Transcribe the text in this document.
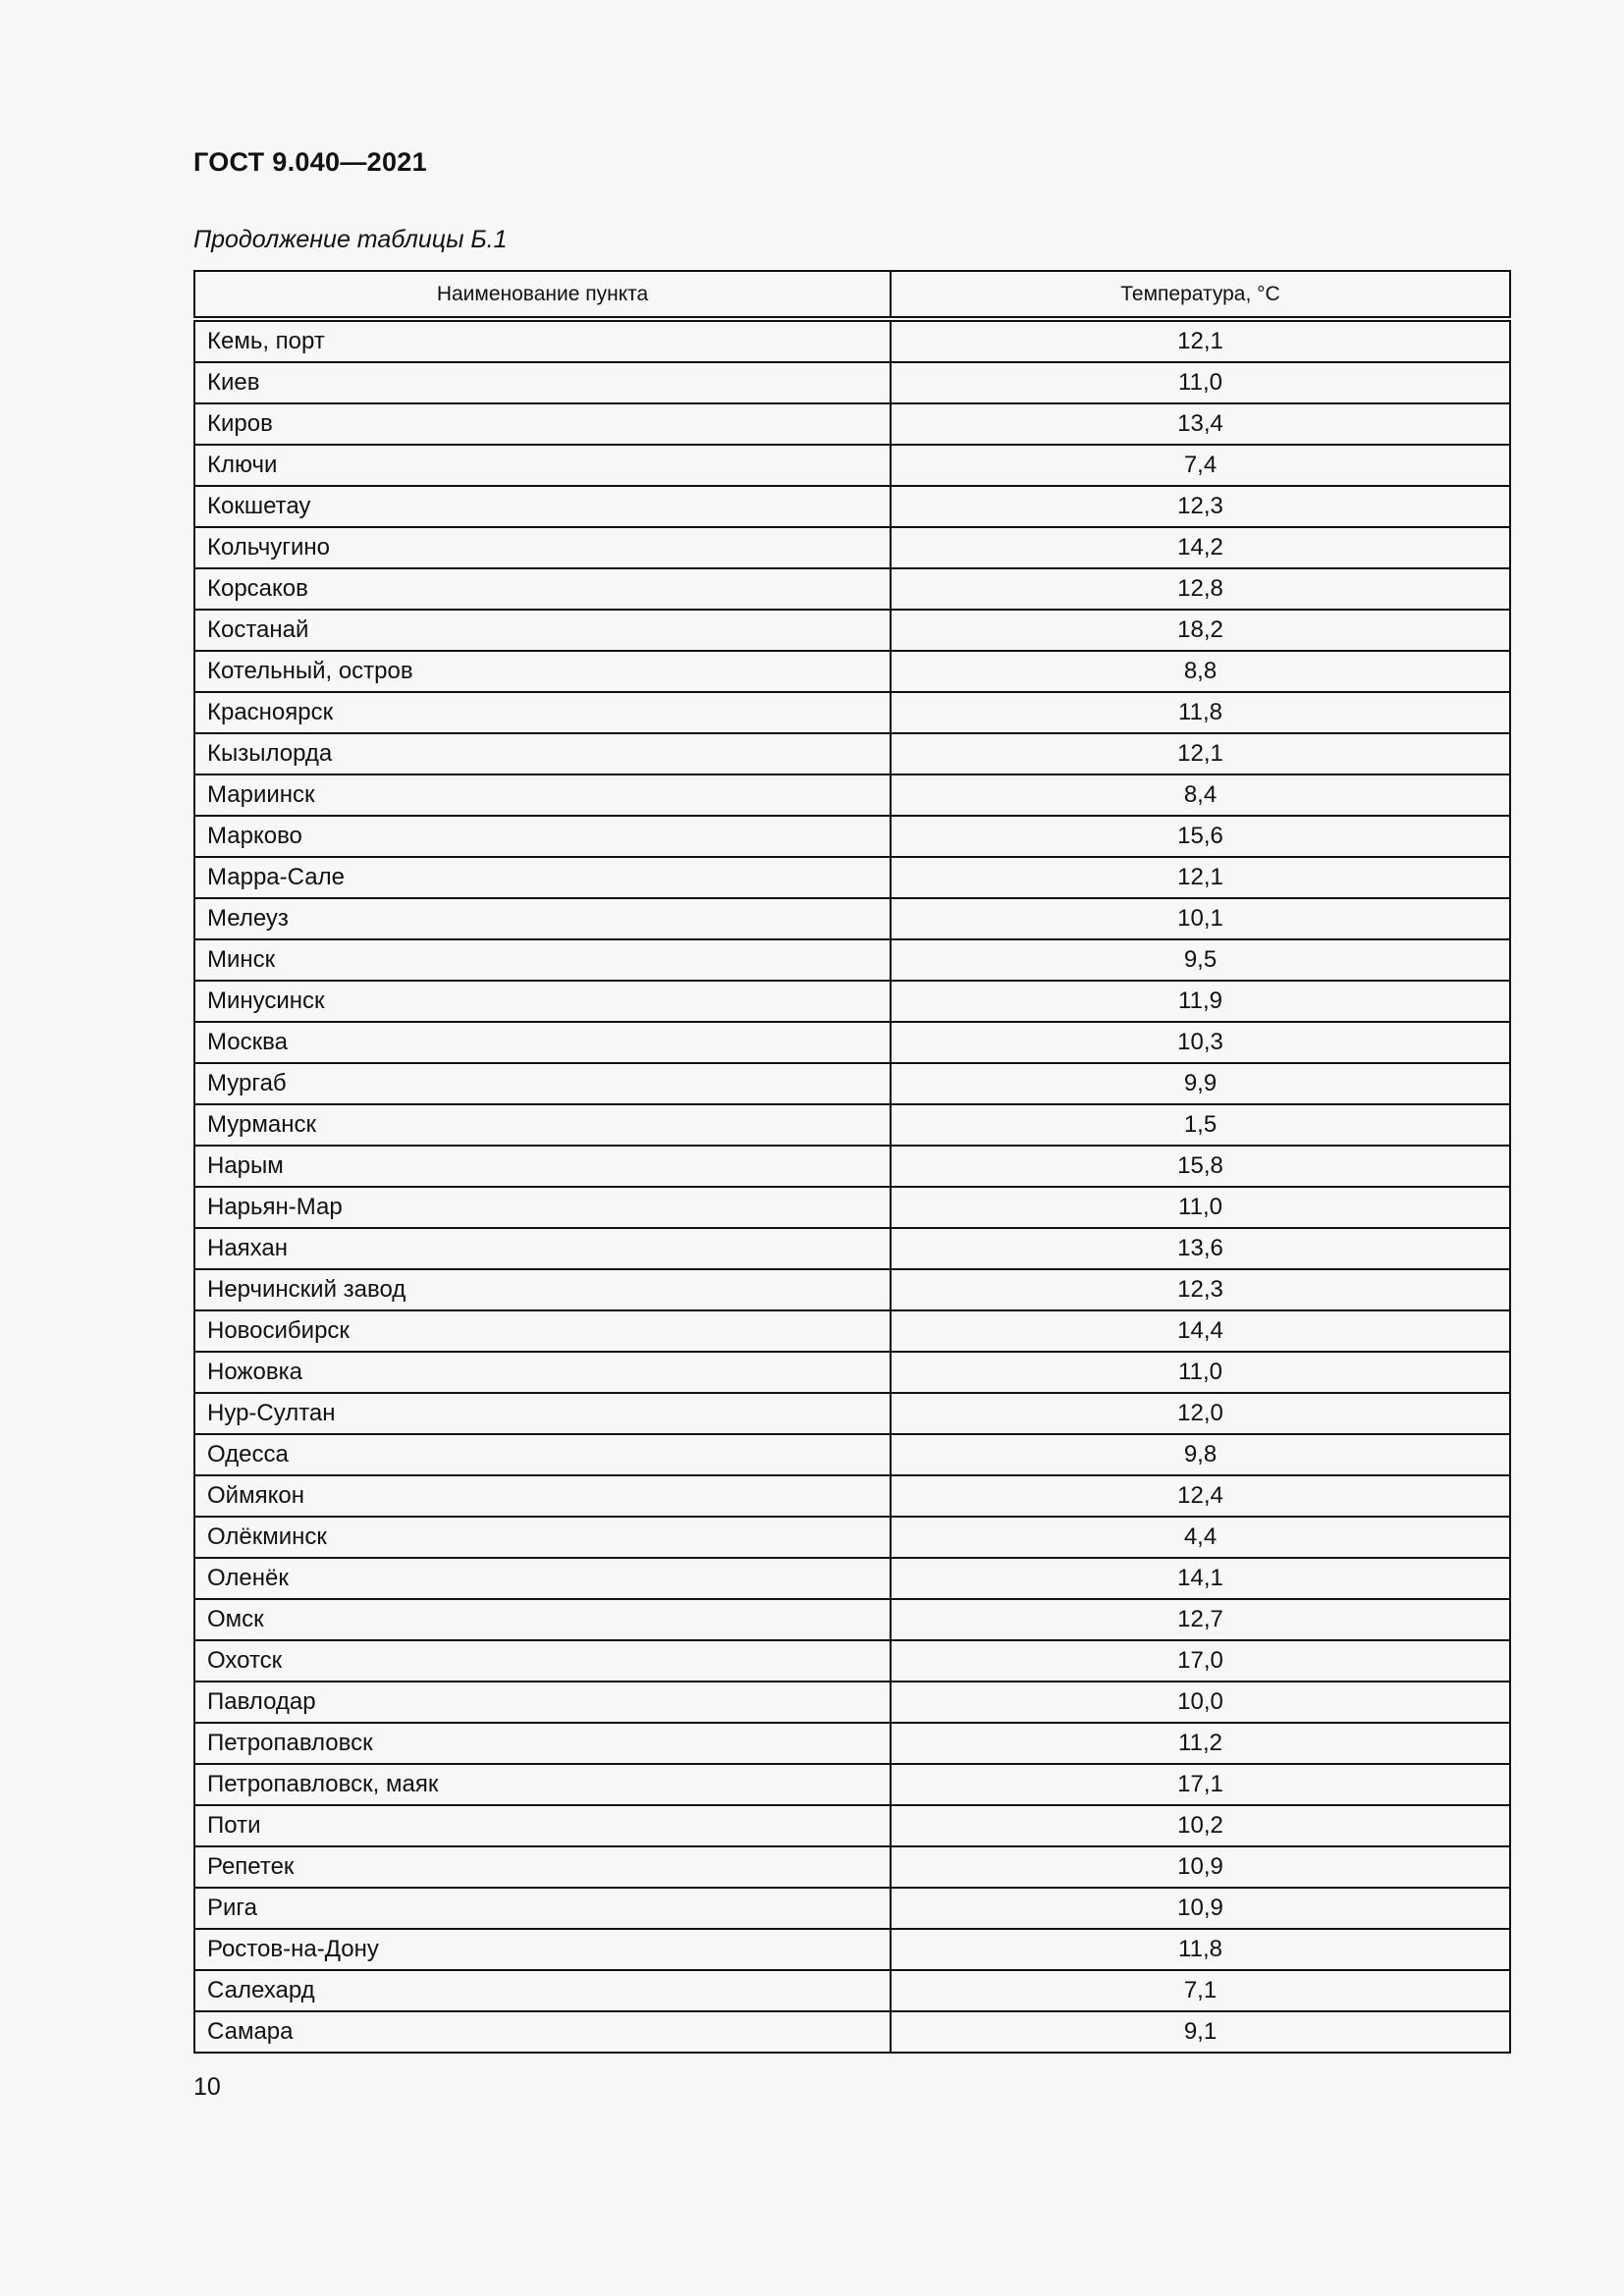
ГОСТ 9.040—2021
Продолжение таблицы Б.1
Наименование пункта	Температура, °С
Кемь, порт	12,1
Киев	11,0
Киров	13,4
Ключи	7,4
Кокшетау	12,3
Кольчугино	14,2
Корсаков	12,8
Костанай	18,2
Котельный, остров	8,8
Красноярск	11,8
Кызылорда	12,1
Мариинск	8,4
Марково	15,6
Марра-Сале	12,1
Мелеуз	10,1
Минск	9,5
Минусинск	11,9
Москва	10,3
Мургаб	9,9
Мурманск	1,5
Нарым	15,8
Нарьян-Мар	11,0
Наяхан	13,6
Нерчинский завод	12,3
Новосибирск	14,4
Ножовка	11,0
Нур-Султан	12,0
Одесса	9,8
Оймякон	12,4
Олёкминск	4,4
Оленёк	14,1
Омск	12,7
Охотск	17,0
Павлодар	10,0
Петропавловск	11,2
Петропавловск, маяк	17,1
Поти	10,2
Репетек	10,9
Рига	10,9
Ростов-на-Дону	11,8
Салехард	7,1
Самара	9,1
10
